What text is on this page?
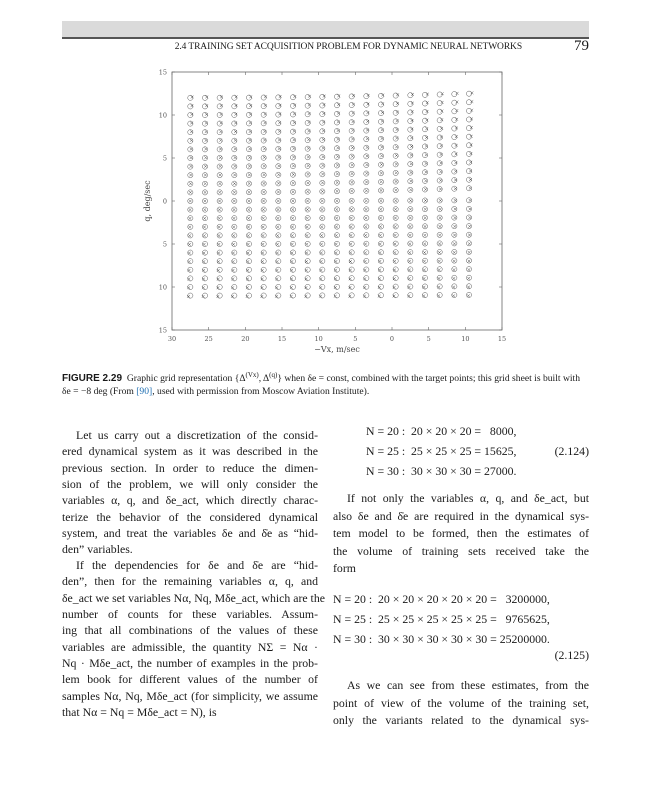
2.4 TRAINING SET ACQUISITION PROBLEM FOR DYNAMIC NEURAL NETWORKS	79
30	25	20	15	10	5	0	5	10	15
15
10
5
0
5
10
15
−Vx, m/sec
q, deg/sec
FIGURE 2.29 Graphic grid representation {$\Delta^{(Vx)}$, $\Delta^{(q)}$} when δe = const, combined with the target points; this grid sheet is built with δe = −8 deg (From [90], used with permission from Moscow Aviation Institute).
Let us carry out a discretization of the consid-
ered dynamical system as it was described in the
previous section. In order to reduce the dimen-
sion of the problem, we will only consider the
variables α, q, and δe_act, which directly charac-
terize the behavior of the considered dynamical
system, and treat the variables δe and δ̇e as “hid-
den” variables.
If the dependencies for δe and δ̇e are “hid-
den”, then for the remaining variables α, q, and
δe_act we set variables Nα, Nq, Mδe_act, which are the
number of counts for these variables. Assum-
ing that all combinations of the values of these
variables are admissible, the quantity NΣ = Nα ·
Nq · Mδe_act, the number of examples in the prob-
lem book for different values of the number of
samples Nα, Nq, Mδe_act (for simplicity, we assume
that Nα = Nq = Mδe_act = N), is
N = 20 :  20 × 20 × 20 =   8000,
N = 25 :  25 × 25 × 25 = 15625,
N = 30 :  30 × 30 × 30 = 27000.
(2.124)
If not only the variables α, q, and δe_act, but
also δe and δ̇e are required in the dynamical sys-
tem model to be formed, then the estimates of
the volume of training sets received take the
form
N = 20 :  20 × 20 × 20 × 20 × 20 =   3200000,
N = 25 :  25 × 25 × 25 × 25 × 25 =   9765625,
N = 30 :  30 × 30 × 30 × 30 × 30 = 25200000.
(2.125)
As we can see from these estimates, from the
point of view of the volume of the training set,
only the variants related to the dynamical sys-
